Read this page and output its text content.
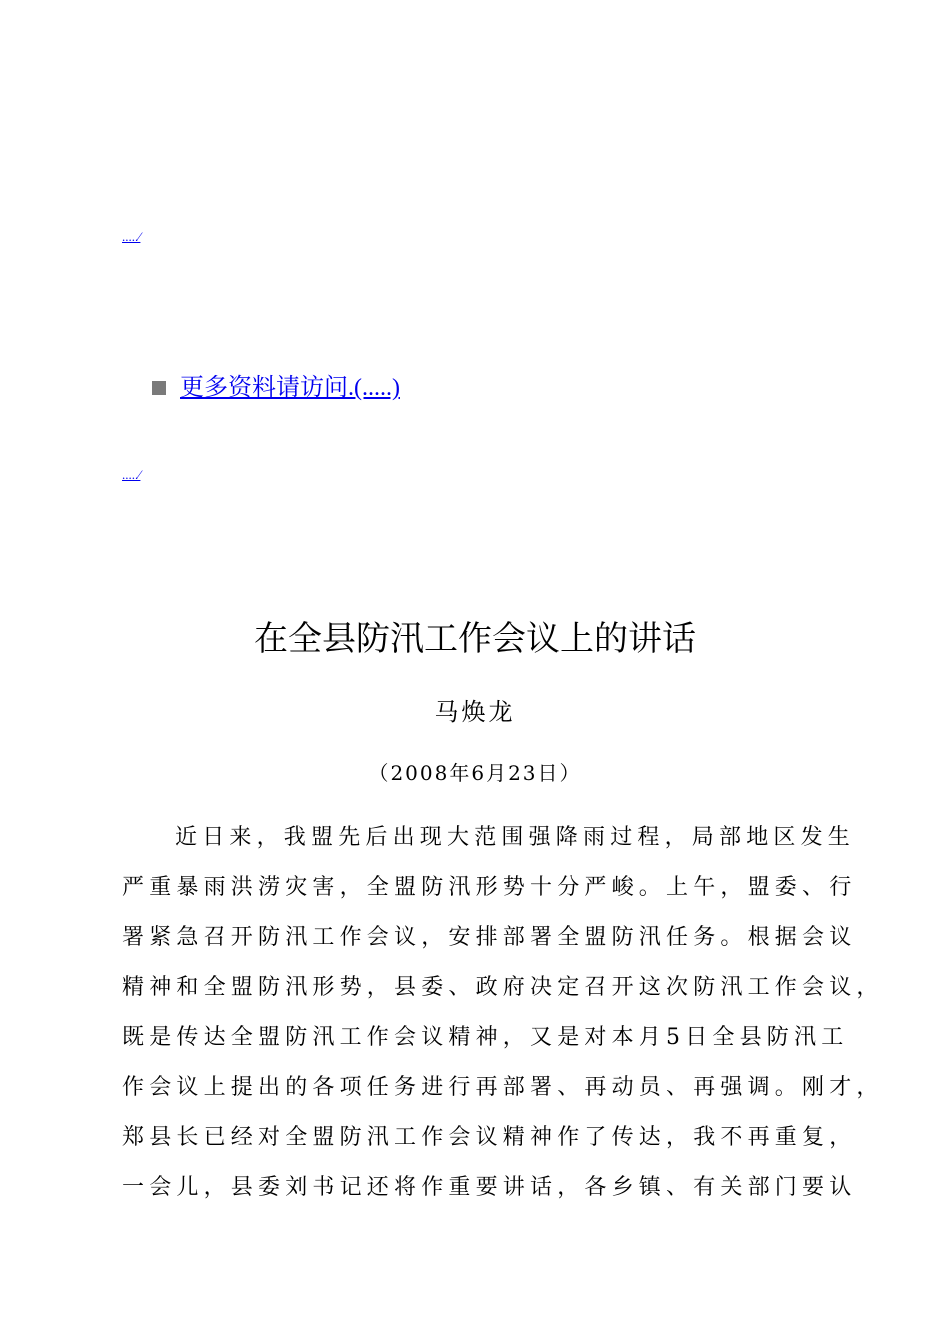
.....∕
更多资料请访问.(.....)
.....∕
在全县防汛工作会议上的讲话
马焕龙
（2008年6月23日）
近日来，我盟先后出现大范围强降雨过程，局部地区发生
严重暴雨洪涝灾害，全盟防汛形势十分严峻。上午，盟委、行
署紧急召开防汛工作会议，安排部署全盟防汛任务。根据会议
精神和全盟防汛形势，县委、政府决定召开这次防汛工作会议，
既是传达全盟防汛工作会议精神，又是对本月5日全县防汛工
作会议上提出的各项任务进行再部署、再动员、再强调。刚才，
郑县长已经对全盟防汛工作会议精神作了传达，我不再重复，
一会儿，县委刘书记还将作重要讲话，各乡镇、有关部门要认
